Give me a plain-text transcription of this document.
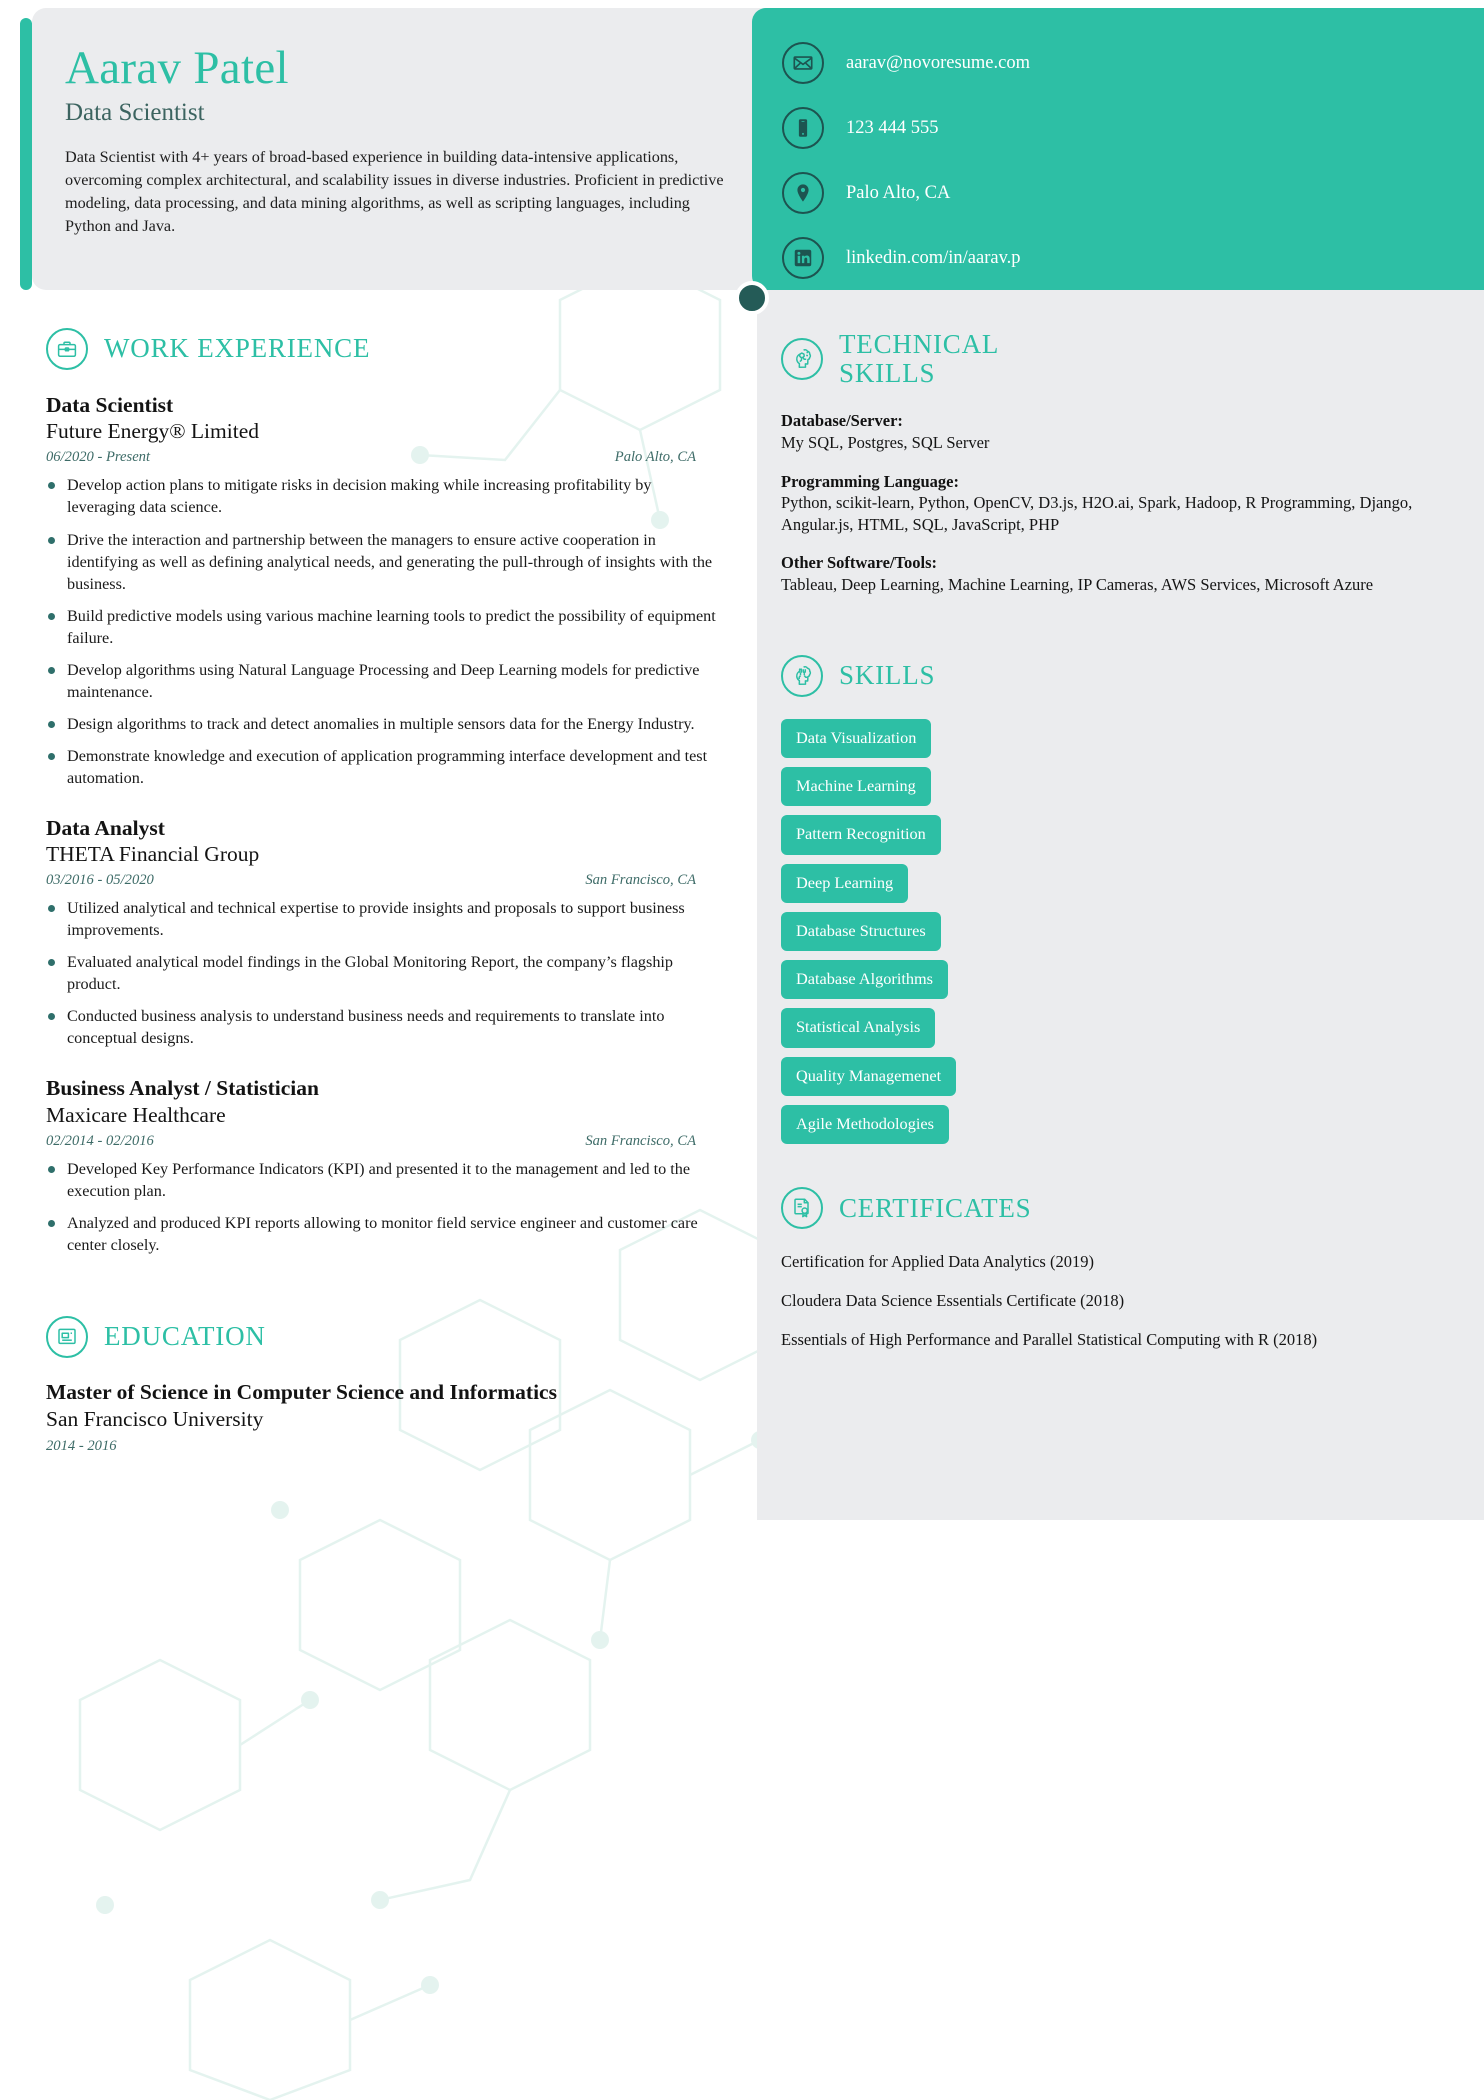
Aarav Patel
Data Scientist
Data Scientist with 4+ years of broad-based experience in building data-intensive applications, overcoming complex architectural, and scalability issues in diverse industries. Proficient in predictive modeling, data processing, and data mining algorithms, as well as scripting languages, including Python and Java.
aarav@novoresume.com
123 444 555
Palo Alto, CA
linkedin.com/in/aarav.p
TECHNICAL SKILLS
Database/Server:
My SQL, Postgres, SQL Server
Programming Language:
Python, scikit-learn, Python, OpenCV, D3.js, H2O.ai, Spark, Hadoop, R Programming, Django, Angular.js, HTML, SQL, JavaScript, PHP
Other Software/Tools:
Tableau, Deep Learning, Machine Learning, IP Cameras, AWS Services, Microsoft Azure
SKILLS
Data Visualization
Machine Learning
Pattern Recognition
Deep Learning
Database Structures
Database Algorithms
Statistical Analysis
Quality Managemenet
Agile Methodologies
CERTIFICATES
Certification for Applied Data Analytics (2019)
Cloudera Data Science Essentials Certificate (2018)
Essentials of High Performance and Parallel Statistical Computing with R (2018)
WORK EXPERIENCE
Data Scientist
Future Energy® Limited
06/2020 - Present	Palo Alto, CA
Develop action plans to mitigate risks in decision making while increasing profitability by leveraging data science.
Drive the interaction and partnership between the managers to ensure active cooperation in identifying as well as defining analytical needs, and generating the pull-through of insights with the business.
Build predictive models using various machine learning tools to predict the possibility of equipment failure.
Develop algorithms using Natural Language Processing and Deep Learning models for predictive maintenance.
Design algorithms to track and detect anomalies in multiple sensors data for the Energy Industry.
Demonstrate knowledge and execution of application programming interface development and test automation.
Data Analyst
THETA Financial Group
03/2016 - 05/2020	San Francisco, CA
Utilized analytical and technical expertise to provide insights and proposals to support business improvements.
Evaluated analytical model findings in the Global Monitoring Report, the company’s flagship product.
Conducted business analysis to understand business needs and requirements to translate into conceptual designs.
Business Analyst / Statistician
Maxicare Healthcare
02/2014 - 02/2016	San Francisco, CA
Developed Key Performance Indicators (KPI) and presented it to the management and led to the execution plan.
Analyzed and produced KPI reports allowing to monitor field service engineer and customer care center closely.
EDUCATION
Master of Science in Computer Science and Informatics
San Francisco University
2014 - 2016
